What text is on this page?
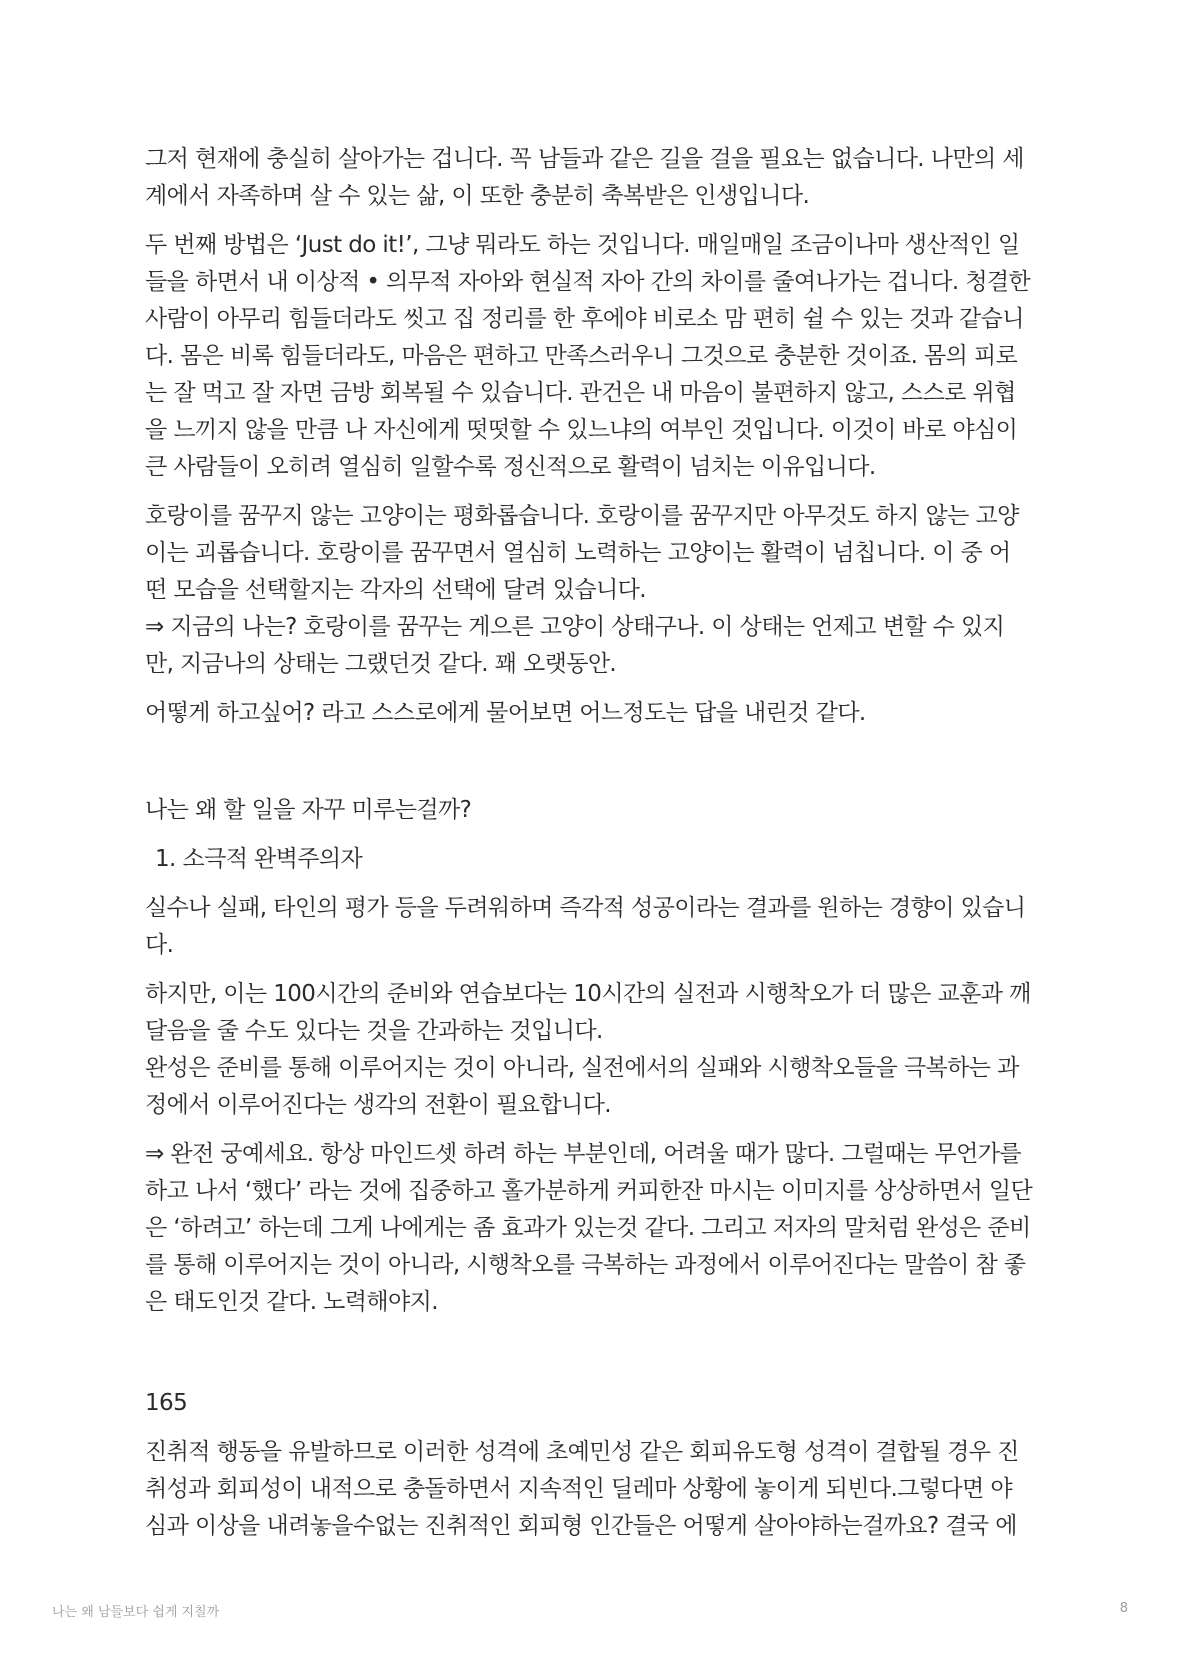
그저 현재에 충실히 살아가는 겁니다. 꼭 남들과 같은 길을 걸을 필요는 없습니다. 나만의 세
계에서 자족하며 살 수 있는 삶, 이 또한 충분히 축복받은 인생입니다.
두 번째 방법은 ‘Just do it!’, 그냥 뭐라도 하는 것입니다. 매일매일 조금이나마 생산적인 일
들을 하면서 내 이상적 • 의무적 자아와 현실적 자아 간의 차이를 줄여나가는 겁니다. 청결한
사람이 아무리 힘들더라도 씻고 집 정리를 한 후에야 비로소 맘 편히 쉴 수 있는 것과 같습니
다. 몸은 비록 힘들더라도, 마음은 편하고 만족스러우니 그것으로 충분한 것이죠. 몸의 피로
는 잘 먹고 잘 자면 금방 회복될 수 있습니다. 관건은 내 마음이 불편하지 않고, 스스로 위협
을 느끼지 않을 만큼 나 자신에게 떳떳할 수 있느냐의 여부인 것입니다. 이것이 바로 야심이
큰 사람들이 오히려 열심히 일할수록 정신적으로 활력이 넘치는 이유입니다.
호랑이를 꿈꾸지 않는 고양이는 평화롭습니다. 호랑이를 꿈꾸지만 아무것도 하지 않는 고양
이는 괴롭습니다. 호랑이를 꿈꾸면서 열심히 노력하는 고양이는 활력이 넘칩니다. 이 중 어
떤 모습을 선택할지는 각자의 선택에 달려 있습니다.
⇒ 지금의 나는? 호랑이를 꿈꾸는 게으른 고양이 상태구나. 이 상태는 언제고 변할 수 있지
만, 지금나의 상태는 그랬던것 같다. 꽤 오랫동안.
어떻게 하고싶어? 라고 스스로에게 물어보면 어느정도는 답을 내린것 같다.
나는 왜 할 일을 자꾸 미루는걸까?
1. 소극적 완벽주의자
실수나 실패, 타인의 평가 등을 두려워하며 즉각적 성공이라는 결과를 원하는 경향이 있습니
다.
하지만, 이는 100시간의 준비와 연습보다는 10시간의 실전과 시행착오가 더 많은 교훈과 깨
달음을 줄 수도 있다는 것을 간과하는 것입니다.
완성은 준비를 통해 이루어지는 것이 아니라, 실전에서의 실패와 시행착오들을 극복하는 과
정에서 이루어진다는 생각의 전환이 필요합니다.
⇒ 완전 궁예세요. 항상 마인드셋 하려 하는 부분인데, 어려울 때가 많다. 그럴때는 무언가를
하고 나서 ‘했다’ 라는 것에 집중하고 홀가분하게 커피한잔 마시는 이미지를 상상하면서 일단
은 ‘하려고’ 하는데 그게 나에게는 좀 효과가 있는것 같다. 그리고 저자의 말처럼 완성은 준비
를 통해 이루어지는 것이 아니라, 시행착오를 극복하는 과정에서 이루어진다는 말씀이 참 좋
은 태도인것 같다. 노력해야지.
165
진취적 행동을 유발하므로 이러한 성격에 초예민성 같은 회피유도형 성격이 결합될 경우 진
취성과 회피성이 내적으로 충돌하면서 지속적인 딜레마 상황에 놓이게 되빈다.그렇다면 야
심과 이상을 내려놓을수없는 진취적인 회피형 인간들은 어떻게 살아야하는걸까요? 결국 에
나는 왜 남들보다 쉽게 지칠까	8
